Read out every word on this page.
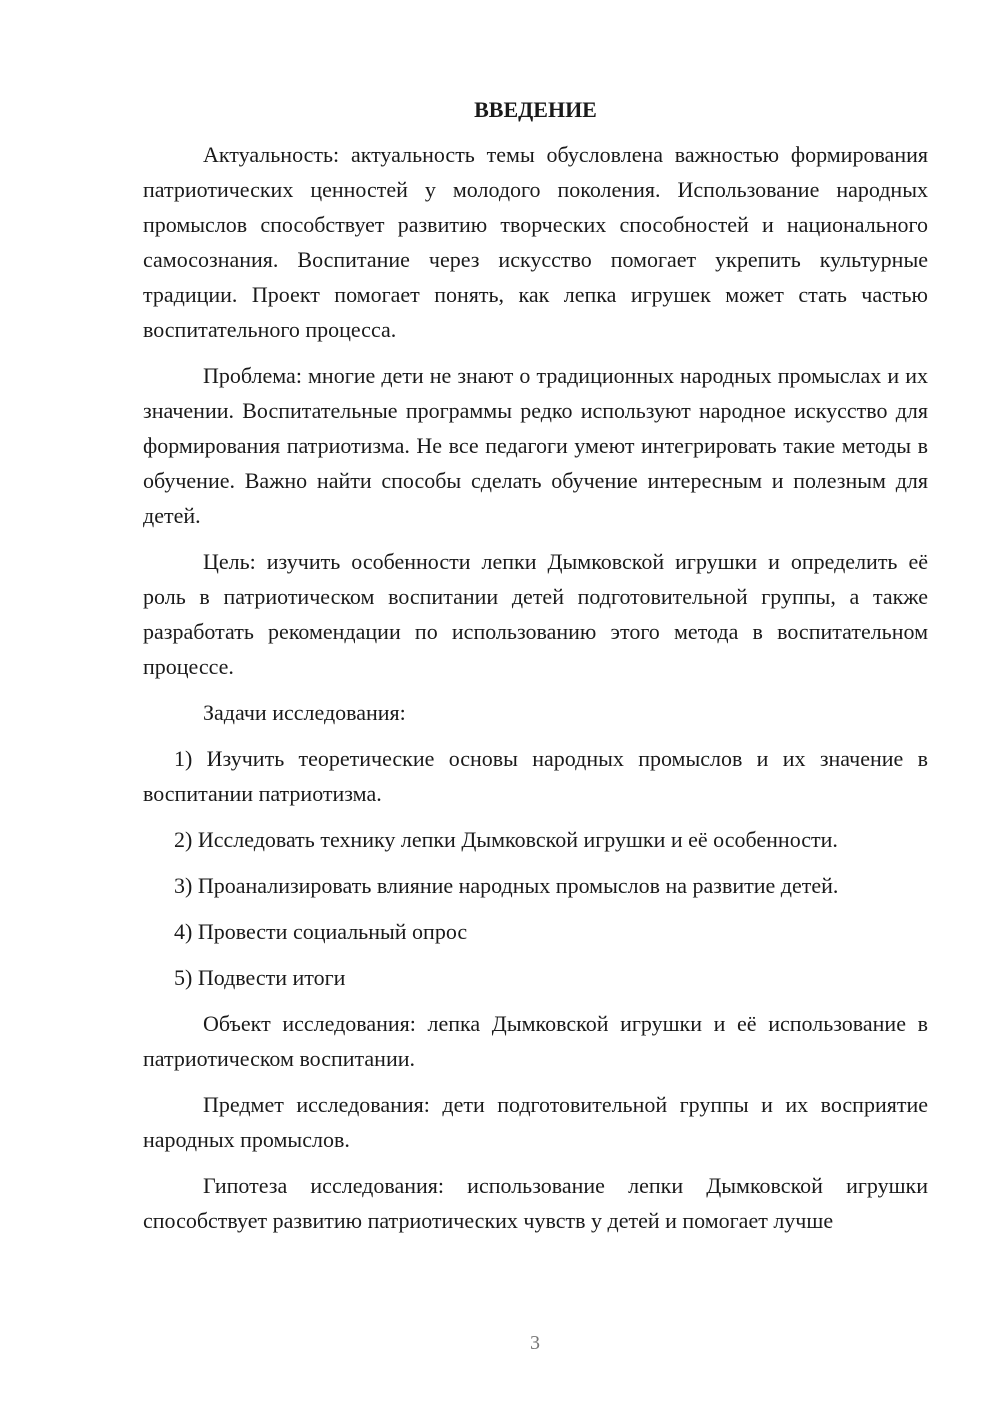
ВВЕДЕНИЕ

Актуальность: актуальность темы обусловлена важностью формирования патриотических ценностей у молодого поколения. Использование народных промыслов способствует развитию творческих способностей и национального самосознания. Воспитание через искусство помогает укрепить культурные традиции. Проект помогает понять, как лепка игрушек может стать частью воспитательного процесса.

Проблема: многие дети не знают о традиционных народных промыслах и их значении. Воспитательные программы редко используют народное искусство для формирования патриотизма. Не все педагоги умеют интегрировать такие методы в обучение. Важно найти способы сделать обучение интересным и полезным для детей.

Цель: изучить особенности лепки Дымковской игрушки и определить её роль в патриотическом воспитании детей подготовительной группы, а также разработать рекомендации по использованию этого метода в воспитательном процессе.

Задачи исследования:

1) Изучить теоретические основы народных промыслов и их значение в воспитании патриотизма.

2) Исследовать технику лепки Дымковской игрушки и её особенности.

3) Проанализировать влияние народных промыслов на развитие детей.

4) Провести социальный опрос

5) Подвести итоги

Объект исследования: лепка Дымковской игрушки и её использование в патриотическом воспитании.

Предмет исследования: дети подготовительной группы и их восприятие народных промыслов.

Гипотеза исследования: использование лепки Дымковской игрушки способствует развитию патриотических чувств у детей и помогает лучше

3
